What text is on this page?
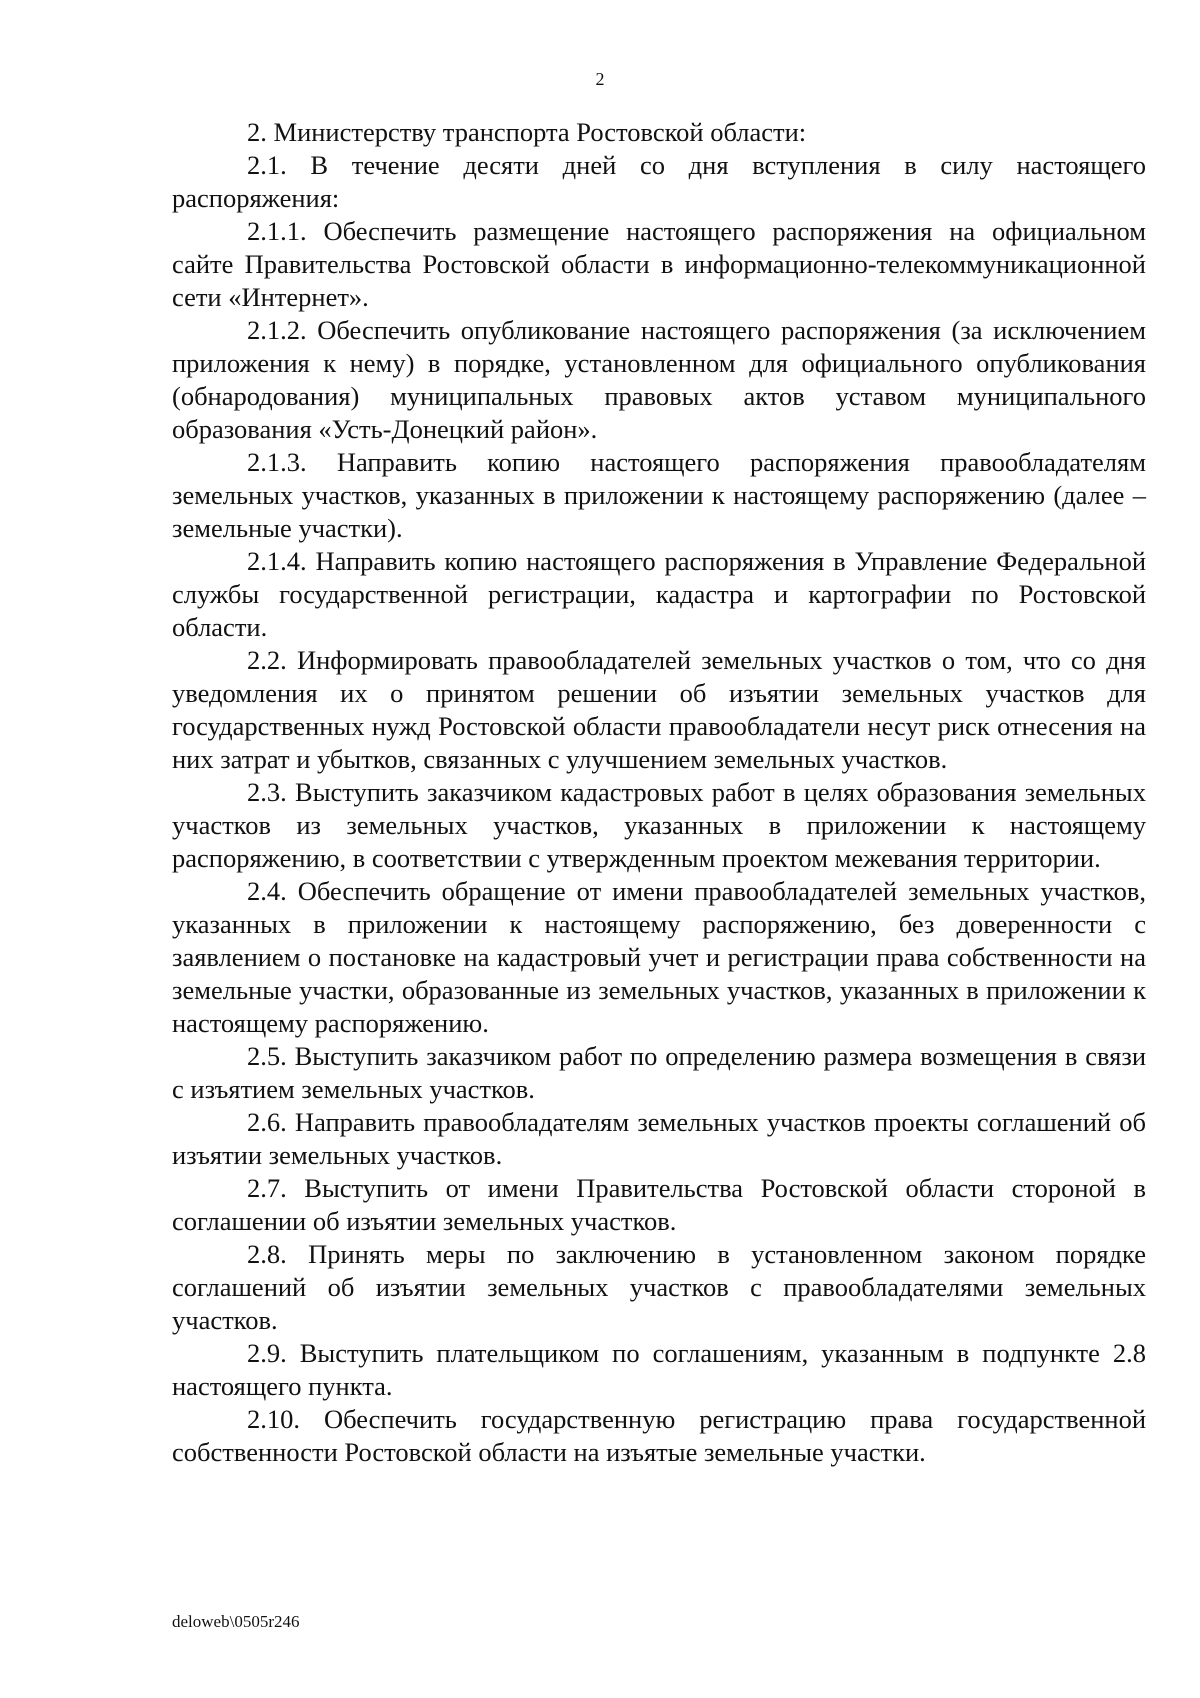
2

2. Министерству транспорта Ростовской области:

2.1. В течение десяти дней со дня вступления в силу настоящего распоряжения:

2.1.1. Обеспечить размещение настоящего распоряжения на официальном сайте Правительства Ростовской области в информационно-телекоммуникационной сети «Интернет».

2.1.2. Обеспечить опубликование настоящего распоряжения (за исключением приложения к нему) в порядке, установленном для официального опубликования (обнародования) муниципальных правовых актов уставом муниципального образования «Усть-Донецкий район».

2.1.3. Направить копию настоящего распоряжения правообладателям земельных участков, указанных в приложении к настоящему распоряжению (далее – земельные участки).

2.1.4. Направить копию настоящего распоряжения в Управление Федеральной службы государственной регистрации, кадастра и картографии по Ростовской области.

2.2. Информировать правообладателей земельных участков о том, что со дня уведомления их о принятом решении об изъятии земельных участков для государственных нужд Ростовской области правообладатели несут риск отнесения на них затрат и убытков, связанных с улучшением земельных участков.

2.3. Выступить заказчиком кадастровых работ в целях образования земельных участков из земельных участков, указанных в приложении к настоящему распоряжению, в соответствии с утвержденным проектом межевания территории.

2.4. Обеспечить обращение от имени правообладателей земельных участков, указанных в приложении к настоящему распоряжению, без доверенности с заявлением о постановке на кадастровый учет и регистрации права собственности на земельные участки, образованные из земельных участков, указанных в приложении к настоящему распоряжению.

2.5. Выступить заказчиком работ по определению размера возмещения в связи с изъятием земельных участков.

2.6. Направить правообладателям земельных участков проекты соглашений об изъятии земельных участков.

2.7. Выступить от имени Правительства Ростовской области стороной в соглашении об изъятии земельных участков.

2.8. Принять меры по заключению в установленном законом порядке соглашений об изъятии земельных участков с правообладателями земельных участков.

2.9. Выступить плательщиком по соглашениям, указанным в подпункте 2.8 настоящего пункта.

2.10. Обеспечить государственную регистрацию права государственной собственности Ростовской области на изъятые земельные участки.

deloweb\0505r246
